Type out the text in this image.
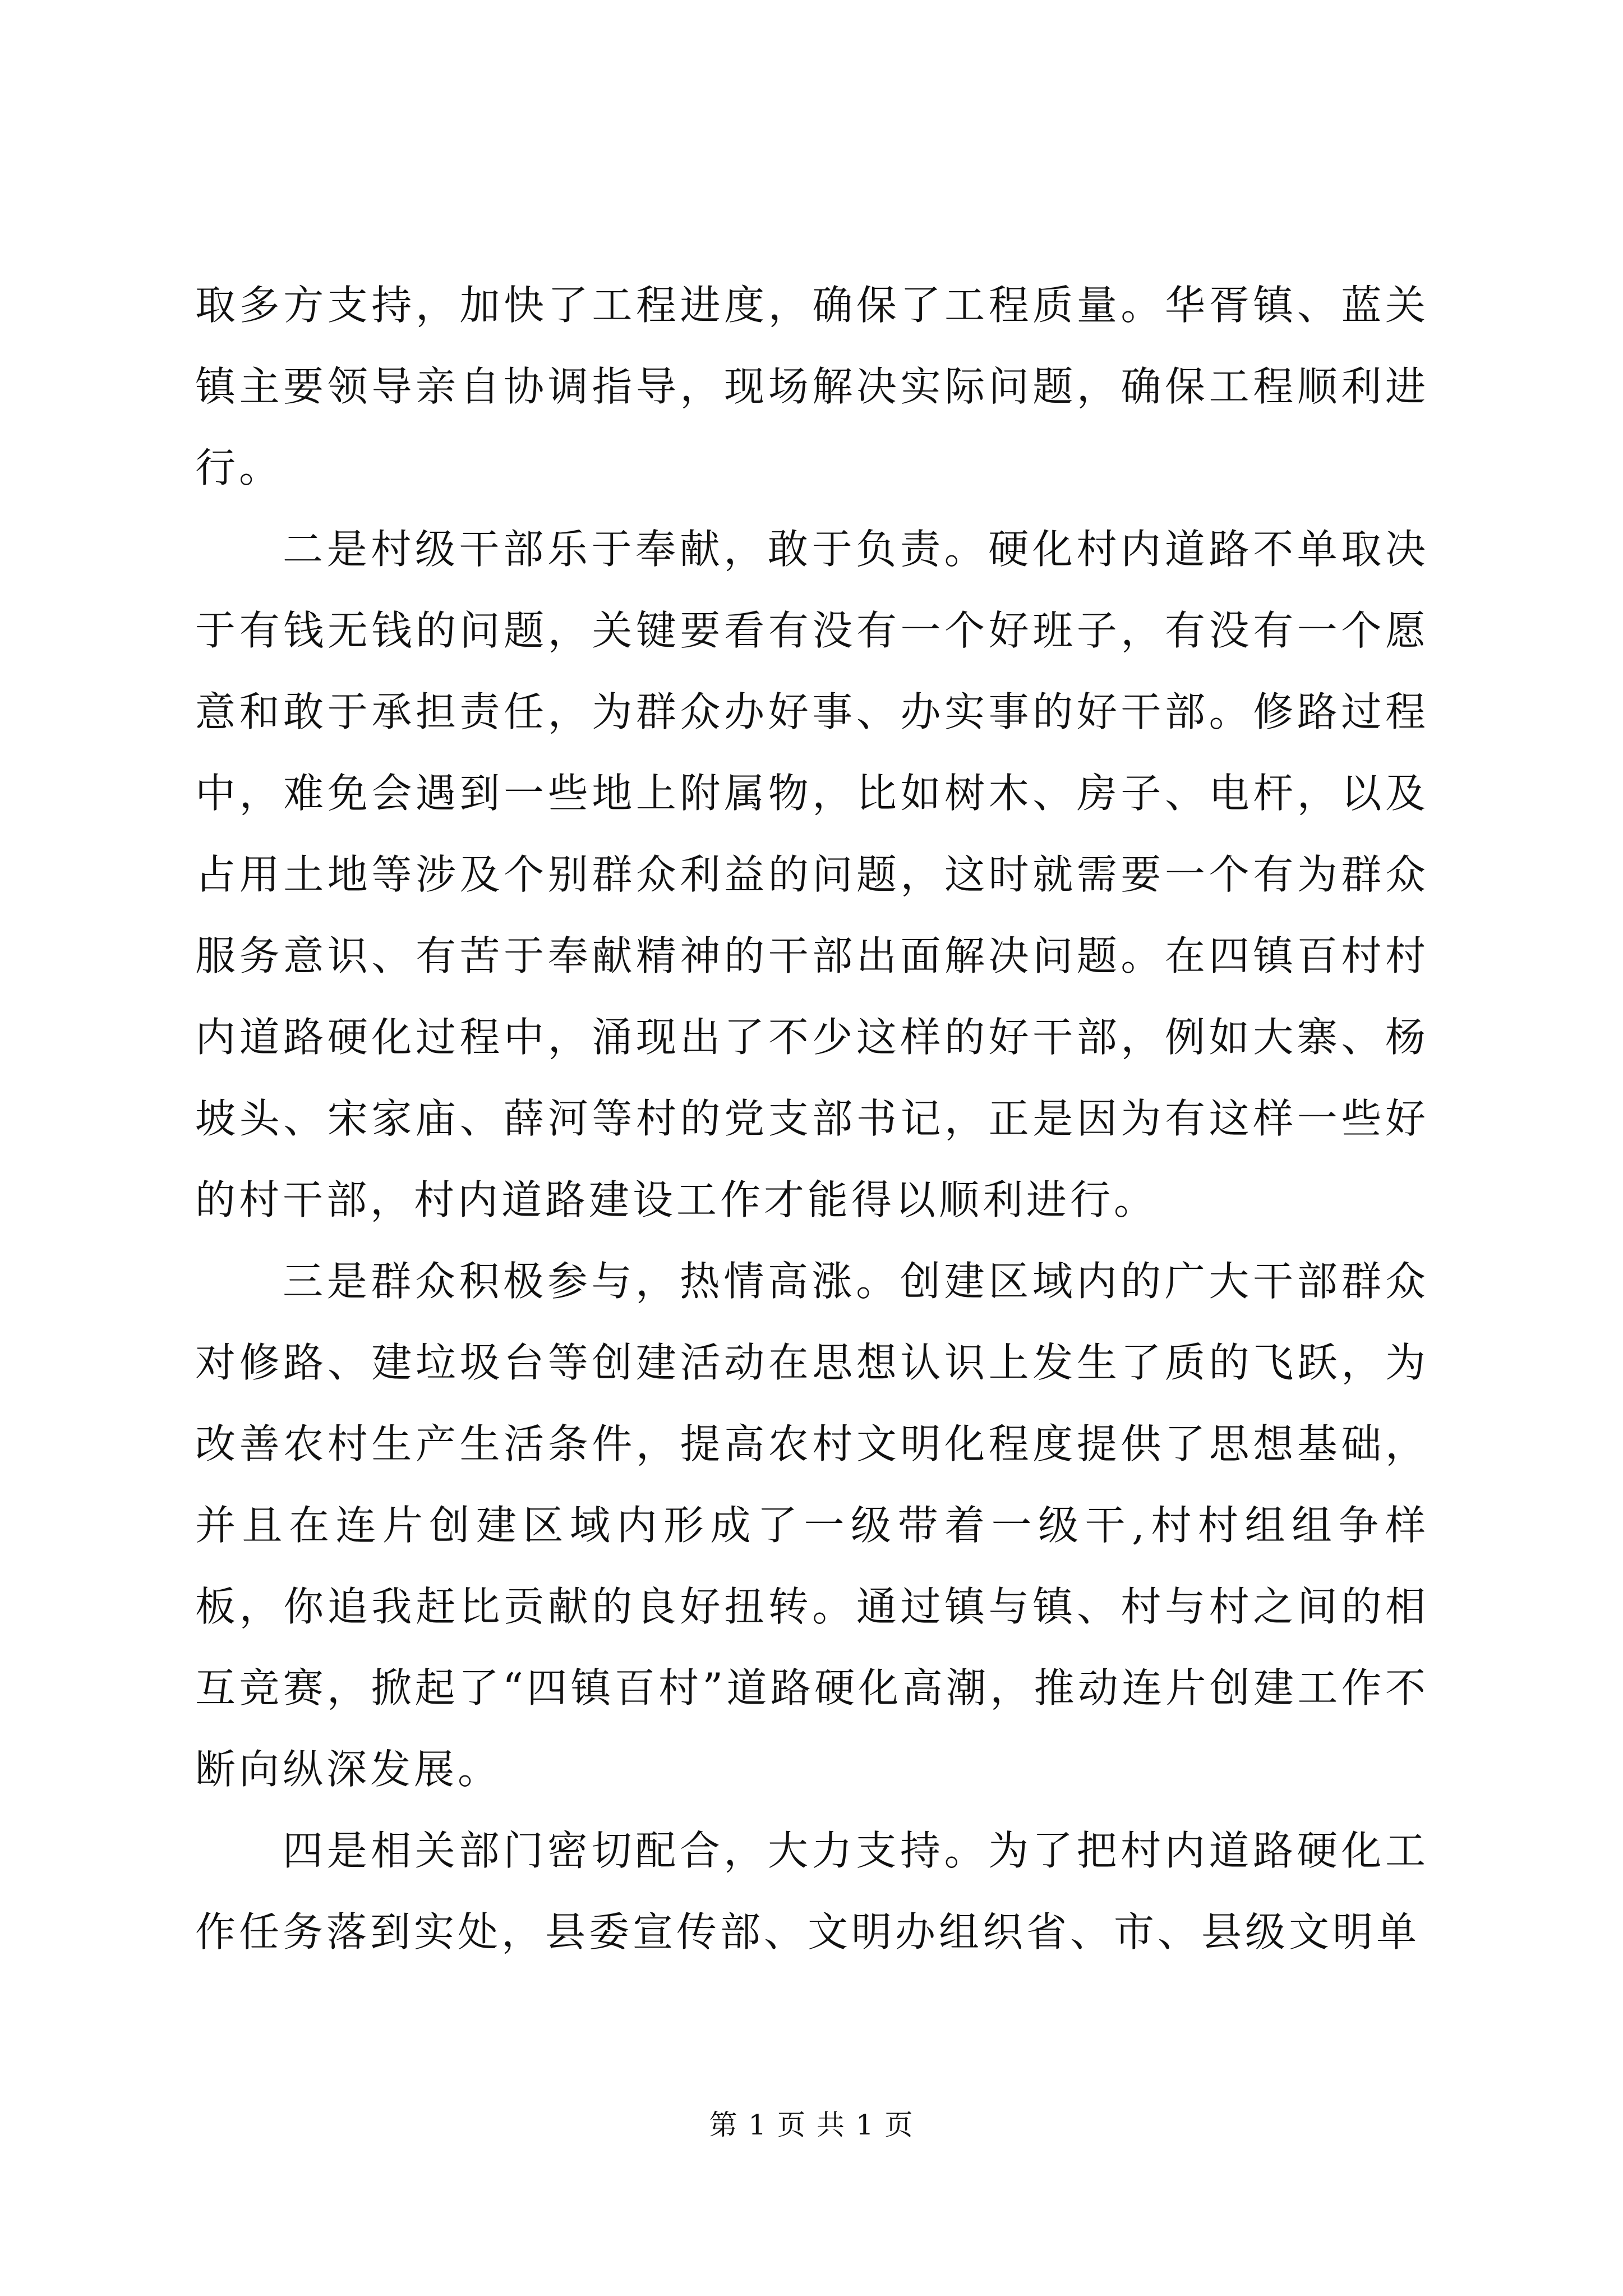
取多方支持，加快了工程进度，确保了工程质量。华胥镇、蓝关镇主要领导亲自协调指导，现场解决实际问题，确保工程顺利进行。

二是村级干部乐于奉献，敢于负责。硬化村内道路不单取决于有钱无钱的问题，关键要看有没有一个好班子，有没有一个愿意和敢于承担责任，为群众办好事、办实事的好干部。修路过程中，难免会遇到一些地上附属物，比如树木、房子、电杆，以及占用土地等涉及个别群众利益的问题，这时就需要一个有为群众服务意识、有苦于奉献精神的干部出面解决问题。在四镇百村村内道路硬化过程中，涌现出了不少这样的好干部，例如大寨、杨坡头、宋家庙、薛河等村的党支部书记，正是因为有这样一些好的村干部，村内道路建设工作才能得以顺利进行。

三是群众积极参与，热情高涨。创建区域内的广大干部群众对修路、建垃圾台等创建活动在思想认识上发生了质的飞跃，为改善农村生产生活条件，提高农村文明化程度提供了思想基础，并且在连片创建区域内形成了一级带着一级干,村村组组争样板，你追我赶比贡献的良好扭转。通过镇与镇、村与村之间的相互竞赛，掀起了“四镇百村”道路硬化高潮，推动连片创建工作不断向纵深发展。

四是相关部门密切配合，大力支持。为了把村内道路硬化工作任务落到实处，县委宣传部、文明办组织省、市、县级文明单

第 1 页 共 1 页
